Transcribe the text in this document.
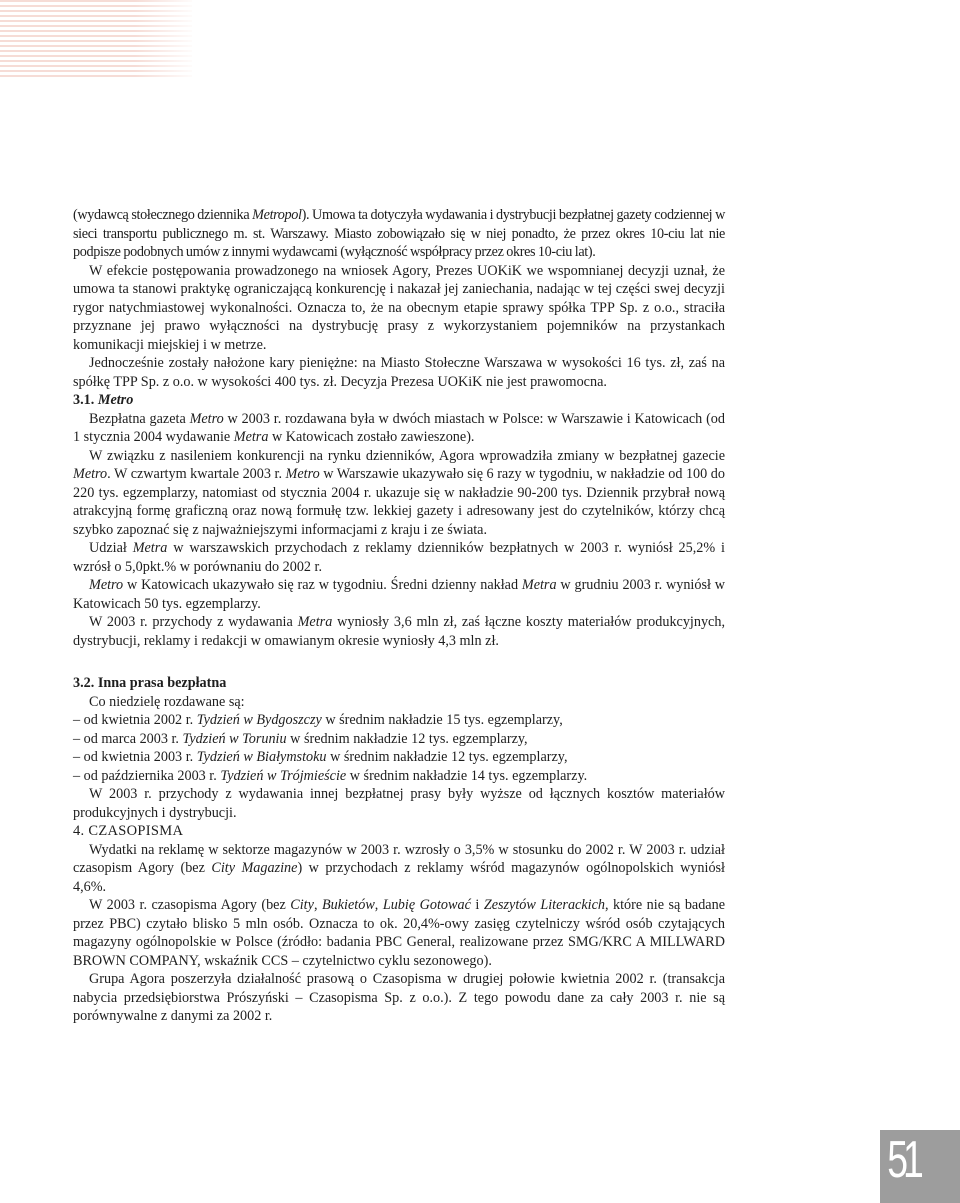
(wydawcą stołecznego dziennika Metropol). Umowa ta dotyczyła wydawania i dystrybucji bezpłatnej gazety codziennej w sieci transportu publicznego m. st. Warszawy. Miasto zobowiązało się w niej ponadto, że przez okres 10-ciu lat nie podpisze podobnych umów z innymi wydawcami (wyłączność współpracy przez okres 10-ciu lat).

W efekcie postępowania prowadzonego na wniosek Agory, Prezes UOKiK we wspomnianej decyzji uznał, że umowa ta stanowi praktykę ograniczającą konkurencję i nakazał jej zaniechania, nadając w tej części swej decyzji rygor natychmiastowej wykonalności. Oznacza to, że na obecnym etapie sprawy spółka TPP Sp. z o.o., straciła przyznane jej prawo wyłączności na dystrybucję prasy z wykorzystaniem pojemników na przystankach komunikacji miejskiej i w metrze.

Jednocześnie zostały nałożone kary pieniężne: na Miasto Stołeczne Warszawa w wysokości 16 tys. zł, zaś na spółkę TPP Sp. z o.o. w wysokości 400 tys. zł. Decyzja Prezesa UOKiK nie jest prawomocna.

3.1. Metro

Bezpłatna gazeta Metro w 2003 r. rozdawana była w dwóch miastach w Polsce: w Warszawie i Katowicach (od 1 stycznia 2004 wydawanie Metra w Katowicach zostało zawieszone).

W związku z nasileniem konkurencji na rynku dzienników, Agora wprowadziła zmiany w bezpłatnej gazecie Metro. W czwartym kwartale 2003 r. Metro w Warszawie ukazywało się 6 razy w tygodniu, w nakładzie od 100 do 220 tys. egzemplarzy, natomiast od stycznia 2004 r. ukazuje się w nakładzie 90-200 tys. Dziennik przybrał nową atrakcyjną formę graficzną oraz nową formułę tzw. lekkiej gazety i adresowany jest do czytelników, którzy chcą szybko zapoznać się z najważniejszymi informacjami z kraju i ze świata.

Udział Metra w warszawskich przychodach z reklamy dzienników bezpłatnych w 2003 r. wyniósł 25,2% i wzrósł o 5,0pkt.% w porównaniu do 2002 r.

Metro w Katowicach ukazywało się raz w tygodniu. Średni dzienny nakład Metra w grudniu 2003 r. wyniósł w Katowicach 50 tys. egzemplarzy.

W 2003 r. przychody z wydawania Metra wyniosły 3,6 mln zł, zaś łączne koszty materiałów produkcyjnych, dystrybucji, reklamy i redakcji w omawianym okresie wyniosły 4,3 mln zł.

3.2. Inna prasa bezpłatna

Co niedzielę rozdawane są:

– od kwietnia 2002 r. Tydzień w Bydgoszczy w średnim nakładzie 15 tys. egzemplarzy,

– od marca 2003 r. Tydzień w Toruniu w średnim nakładzie 12 tys. egzemplarzy,

– od kwietnia 2003 r. Tydzień w Białymstoku w średnim nakładzie 12 tys. egzemplarzy,

– od października 2003 r. Tydzień w Trójmieście w średnim nakładzie 14 tys. egzemplarzy.

W 2003 r. przychody z wydawania innej bezpłatnej prasy były wyższe od łącznych kosztów materiałów produkcyjnych i dystrybucji.

4. CZASOPISMA

Wydatki na reklamę w sektorze magazynów w 2003 r. wzrosły o 3,5% w stosunku do 2002 r. W 2003 r. udział czasopism Agory (bez City Magazine) w przychodach z reklamy wśród magazynów ogólnopolskich wyniósł 4,6%.

W 2003 r. czasopisma Agory (bez City, Bukietów, Lubię Gotować i Zeszytów Literackich, które nie są badane przez PBC) czytało blisko 5 mln osób. Oznacza to ok. 20,4%-owy zasięg czytelniczy wśród osób czytających magazyny ogólnopolskie w Polsce (źródło: badania PBC General, realizowane przez SMG/KRC A MILLWARD BROWN COMPANY, wskaźnik CCS – czytelnictwo cyklu sezonowego).

Grupa Agora poszerzyła działalność prasową o Czasopisma w drugiej połowie kwietnia 2002 r. (transakcja nabycia przedsiębiorstwa Prószyński – Czasopisma Sp. z o.o.). Z tego powodu dane za cały 2003 r. nie są porównywalne z danymi za 2002 r.

51
